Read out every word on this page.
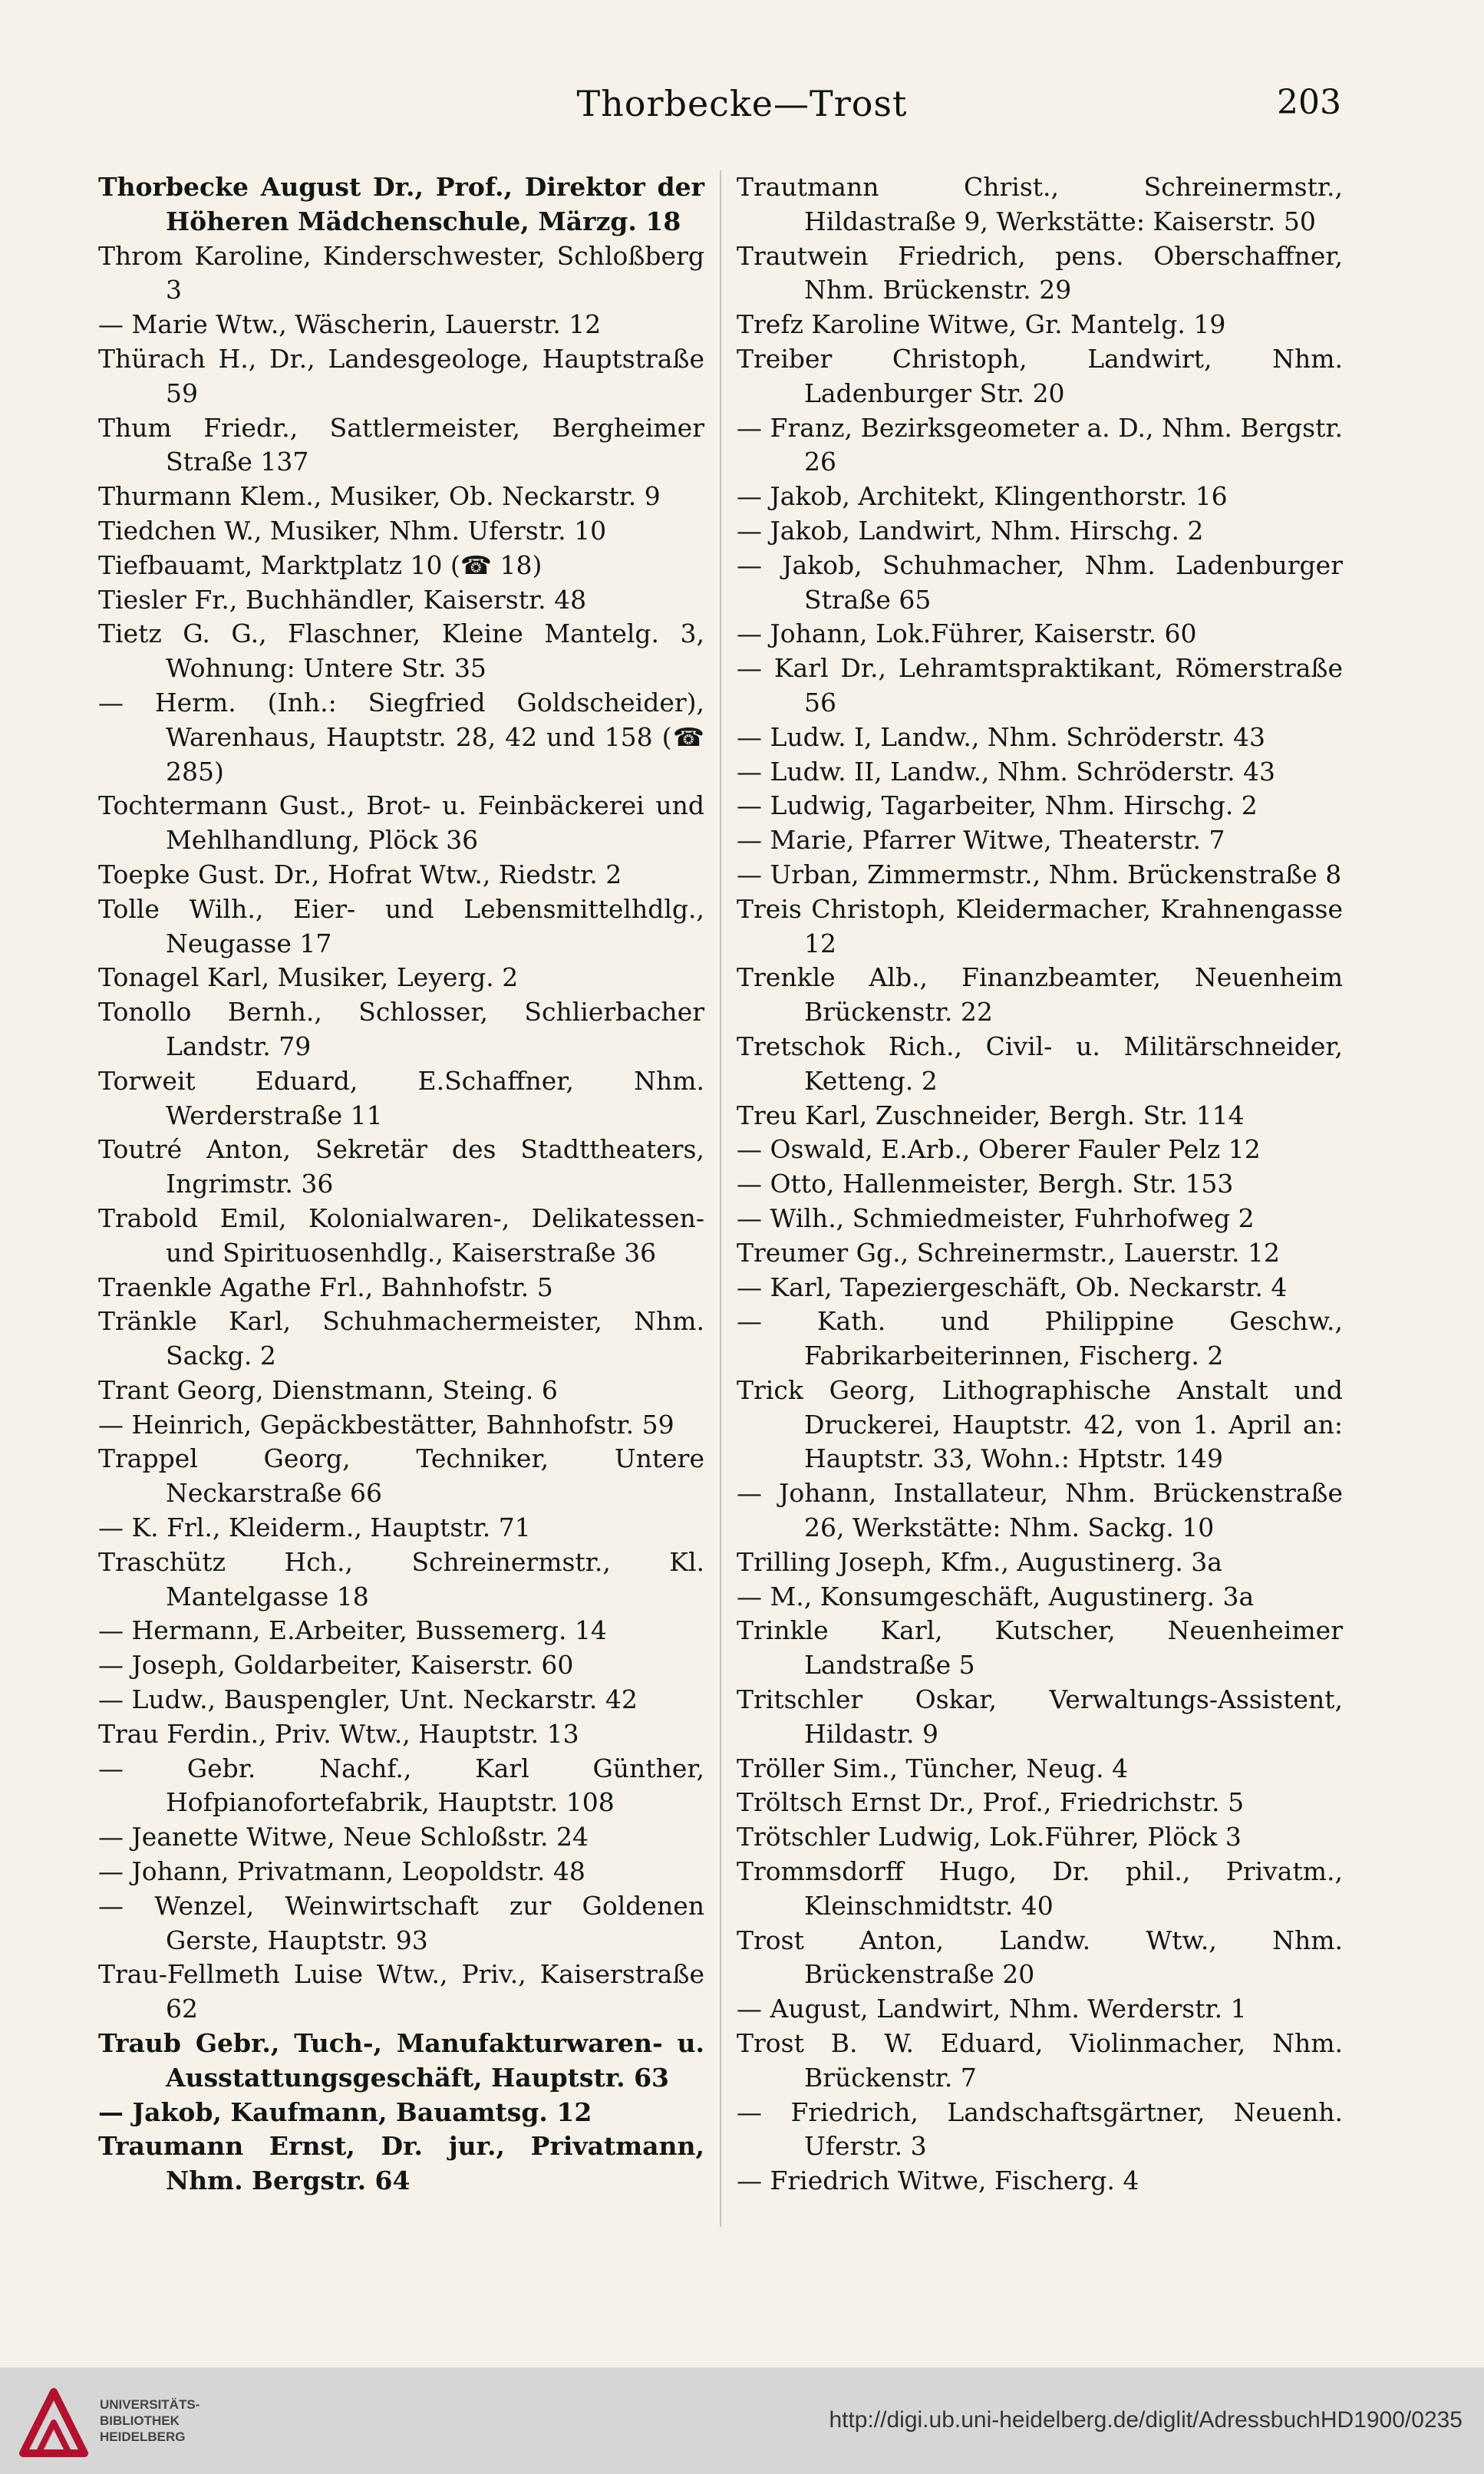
Thorbecke—Trost	203

Thorbecke August Dr., Prof., Direktor der Höheren Mädchenschule, Märzg. 18

Throm Karoline, Kinderschwester, Schloßberg 3

— Marie Wtw., Wäscherin, Lauerstr. 12

Thürach H., Dr., Landesgeologe, Hauptstraße 59

Thum Friedr., Sattlermeister, Bergheimer Straße 137

Thurmann Klem., Musiker, Ob. Neckarstr. 9

Tiedchen W., Musiker, Nhm. Uferstr. 10

Tiefbauamt, Marktplatz 10 (☎ 18)

Tiesler Fr., Buchhändler, Kaiserstr. 48

Tietz G. G., Flaschner, Kleine Mantelg. 3, Wohnung: Untere Str. 35

— Herm. (Inh.: Siegfried Goldscheider), Warenhaus, Hauptstr. 28, 42 und 158 (☎ 285)

Tochtermann Gust., Brot- u. Feinbäckerei und Mehlhandlung, Plöck 36

Toepke Gust. Dr., Hofrat Wtw., Riedstr. 2

Tolle Wilh., Eier- und Lebensmittelhdlg., Neugasse 17

Tonagel Karl, Musiker, Leyerg. 2

Tonollo Bernh., Schlosser, Schlierbacher Landstr. 79

Torweit Eduard, E.Schaffner, Nhm. Werderstraße 11

Toutré Anton, Sekretär des Stadttheaters, Ingrimstr. 36

Trabold Emil, Kolonialwaren-, Delikatessen- und Spirituosenhdlg., Kaiserstraße 36

Traenkle Agathe Frl., Bahnhofstr. 5

Tränkle Karl, Schuhmachermeister, Nhm. Sackg. 2

Trant Georg, Dienstmann, Steing. 6

— Heinrich, Gepäckbestätter, Bahnhofstr. 59

Trappel Georg, Techniker, Untere Neckarstraße 66

— K. Frl., Kleiderm., Hauptstr. 71

Traschütz Hch., Schreinermstr., Kl. Mantelgasse 18

— Hermann, E.Arbeiter, Bussemerg. 14

— Joseph, Goldarbeiter, Kaiserstr. 60

— Ludw., Bauspengler, Unt. Neckarstr. 42

Trau Ferdin., Priv. Wtw., Hauptstr. 13

— Gebr. Nachf., Karl Günther, Hofpianofortefabrik, Hauptstr. 108

— Jeanette Witwe, Neue Schloßstr. 24

— Johann, Privatmann, Leopoldstr. 48

— Wenzel, Weinwirtschaft zur Goldenen Gerste, Hauptstr. 93

Trau-Fellmeth Luise Wtw., Priv., Kaiserstraße 62

Traub Gebr., Tuch-, Manufakturwaren- u. Ausstattungsgeschäft, Hauptstr. 63

— Jakob, Kaufmann, Bauamtsg. 12

Traumann Ernst, Dr. jur., Privatmann, Nhm. Bergstr. 64

Trautmann Christ., Schreinermstr., Hildastraße 9, Werkstätte: Kaiserstr. 50

Trautwein Friedrich, pens. Oberschaffner, Nhm. Brückenstr. 29

Trefz Karoline Witwe, Gr. Mantelg. 19

Treiber Christoph, Landwirt, Nhm. Ladenburger Str. 20

— Franz, Bezirksgeometer a. D., Nhm. Bergstr. 26

— Jakob, Architekt, Klingenthorstr. 16

— Jakob, Landwirt, Nhm. Hirschg. 2

— Jakob, Schuhmacher, Nhm. Ladenburger Straße 65

— Johann, Lok.Führer, Kaiserstr. 60

— Karl Dr., Lehramtspraktikant, Römerstraße 56

— Ludw. I, Landw., Nhm. Schröderstr. 43

— Ludw. II, Landw., Nhm. Schröderstr. 43

— Ludwig, Tagarbeiter, Nhm. Hirschg. 2

— Marie, Pfarrer Witwe, Theaterstr. 7

— Urban, Zimmermstr., Nhm. Brückenstraße 8

Treis Christoph, Kleidermacher, Krahnengasse 12

Trenkle Alb., Finanzbeamter, Neuenheim Brückenstr. 22

Tretschok Rich., Civil- u. Militärschneider, Ketteng. 2

Treu Karl, Zuschneider, Bergh. Str. 114

— Oswald, E.Arb., Oberer Fauler Pelz 12

— Otto, Hallenmeister, Bergh. Str. 153

— Wilh., Schmiedmeister, Fuhrhofweg 2

Treumer Gg., Schreinermstr., Lauerstr. 12

— Karl, Tapeziergeschäft, Ob. Neckarstr. 4

— Kath. und Philippine Geschw., Fabrikarbeiterinnen, Fischerg. 2

Trick Georg, Lithographische Anstalt und Druckerei, Hauptstr. 42, von 1. April an: Hauptstr. 33, Wohn.: Hptstr. 149

— Johann, Installateur, Nhm. Brückenstraße 26, Werkstätte: Nhm. Sackg. 10

Trilling Joseph, Kfm., Augustinerg. 3a

— M., Konsumgeschäft, Augustinerg. 3a

Trinkle Karl, Kutscher, Neuenheimer Landstraße 5

Tritschler Oskar, Verwaltungs-Assistent, Hildastr. 9

Tröller Sim., Tüncher, Neug. 4

Tröltsch Ernst Dr., Prof., Friedrichstr. 5

Trötschler Ludwig, Lok.Führer, Plöck 3

Trommsdorff Hugo, Dr. phil., Privatm., Kleinschmidtstr. 40

Trost Anton, Landw. Wtw., Nhm. Brückenstraße 20

— August, Landwirt, Nhm. Werderstr. 1

Trost B. W. Eduard, Violinmacher, Nhm. Brückenstr. 7

— Friedrich, Landschaftsgärtner, Neuenh. Uferstr. 3

— Friedrich Witwe, Fischerg. 4

UNIVERSITÄTS-
BIBLIOTHEK
HEIDELBERG
http://digi.ub.uni-heidelberg.de/diglit/AdressbuchHD1900/0235
